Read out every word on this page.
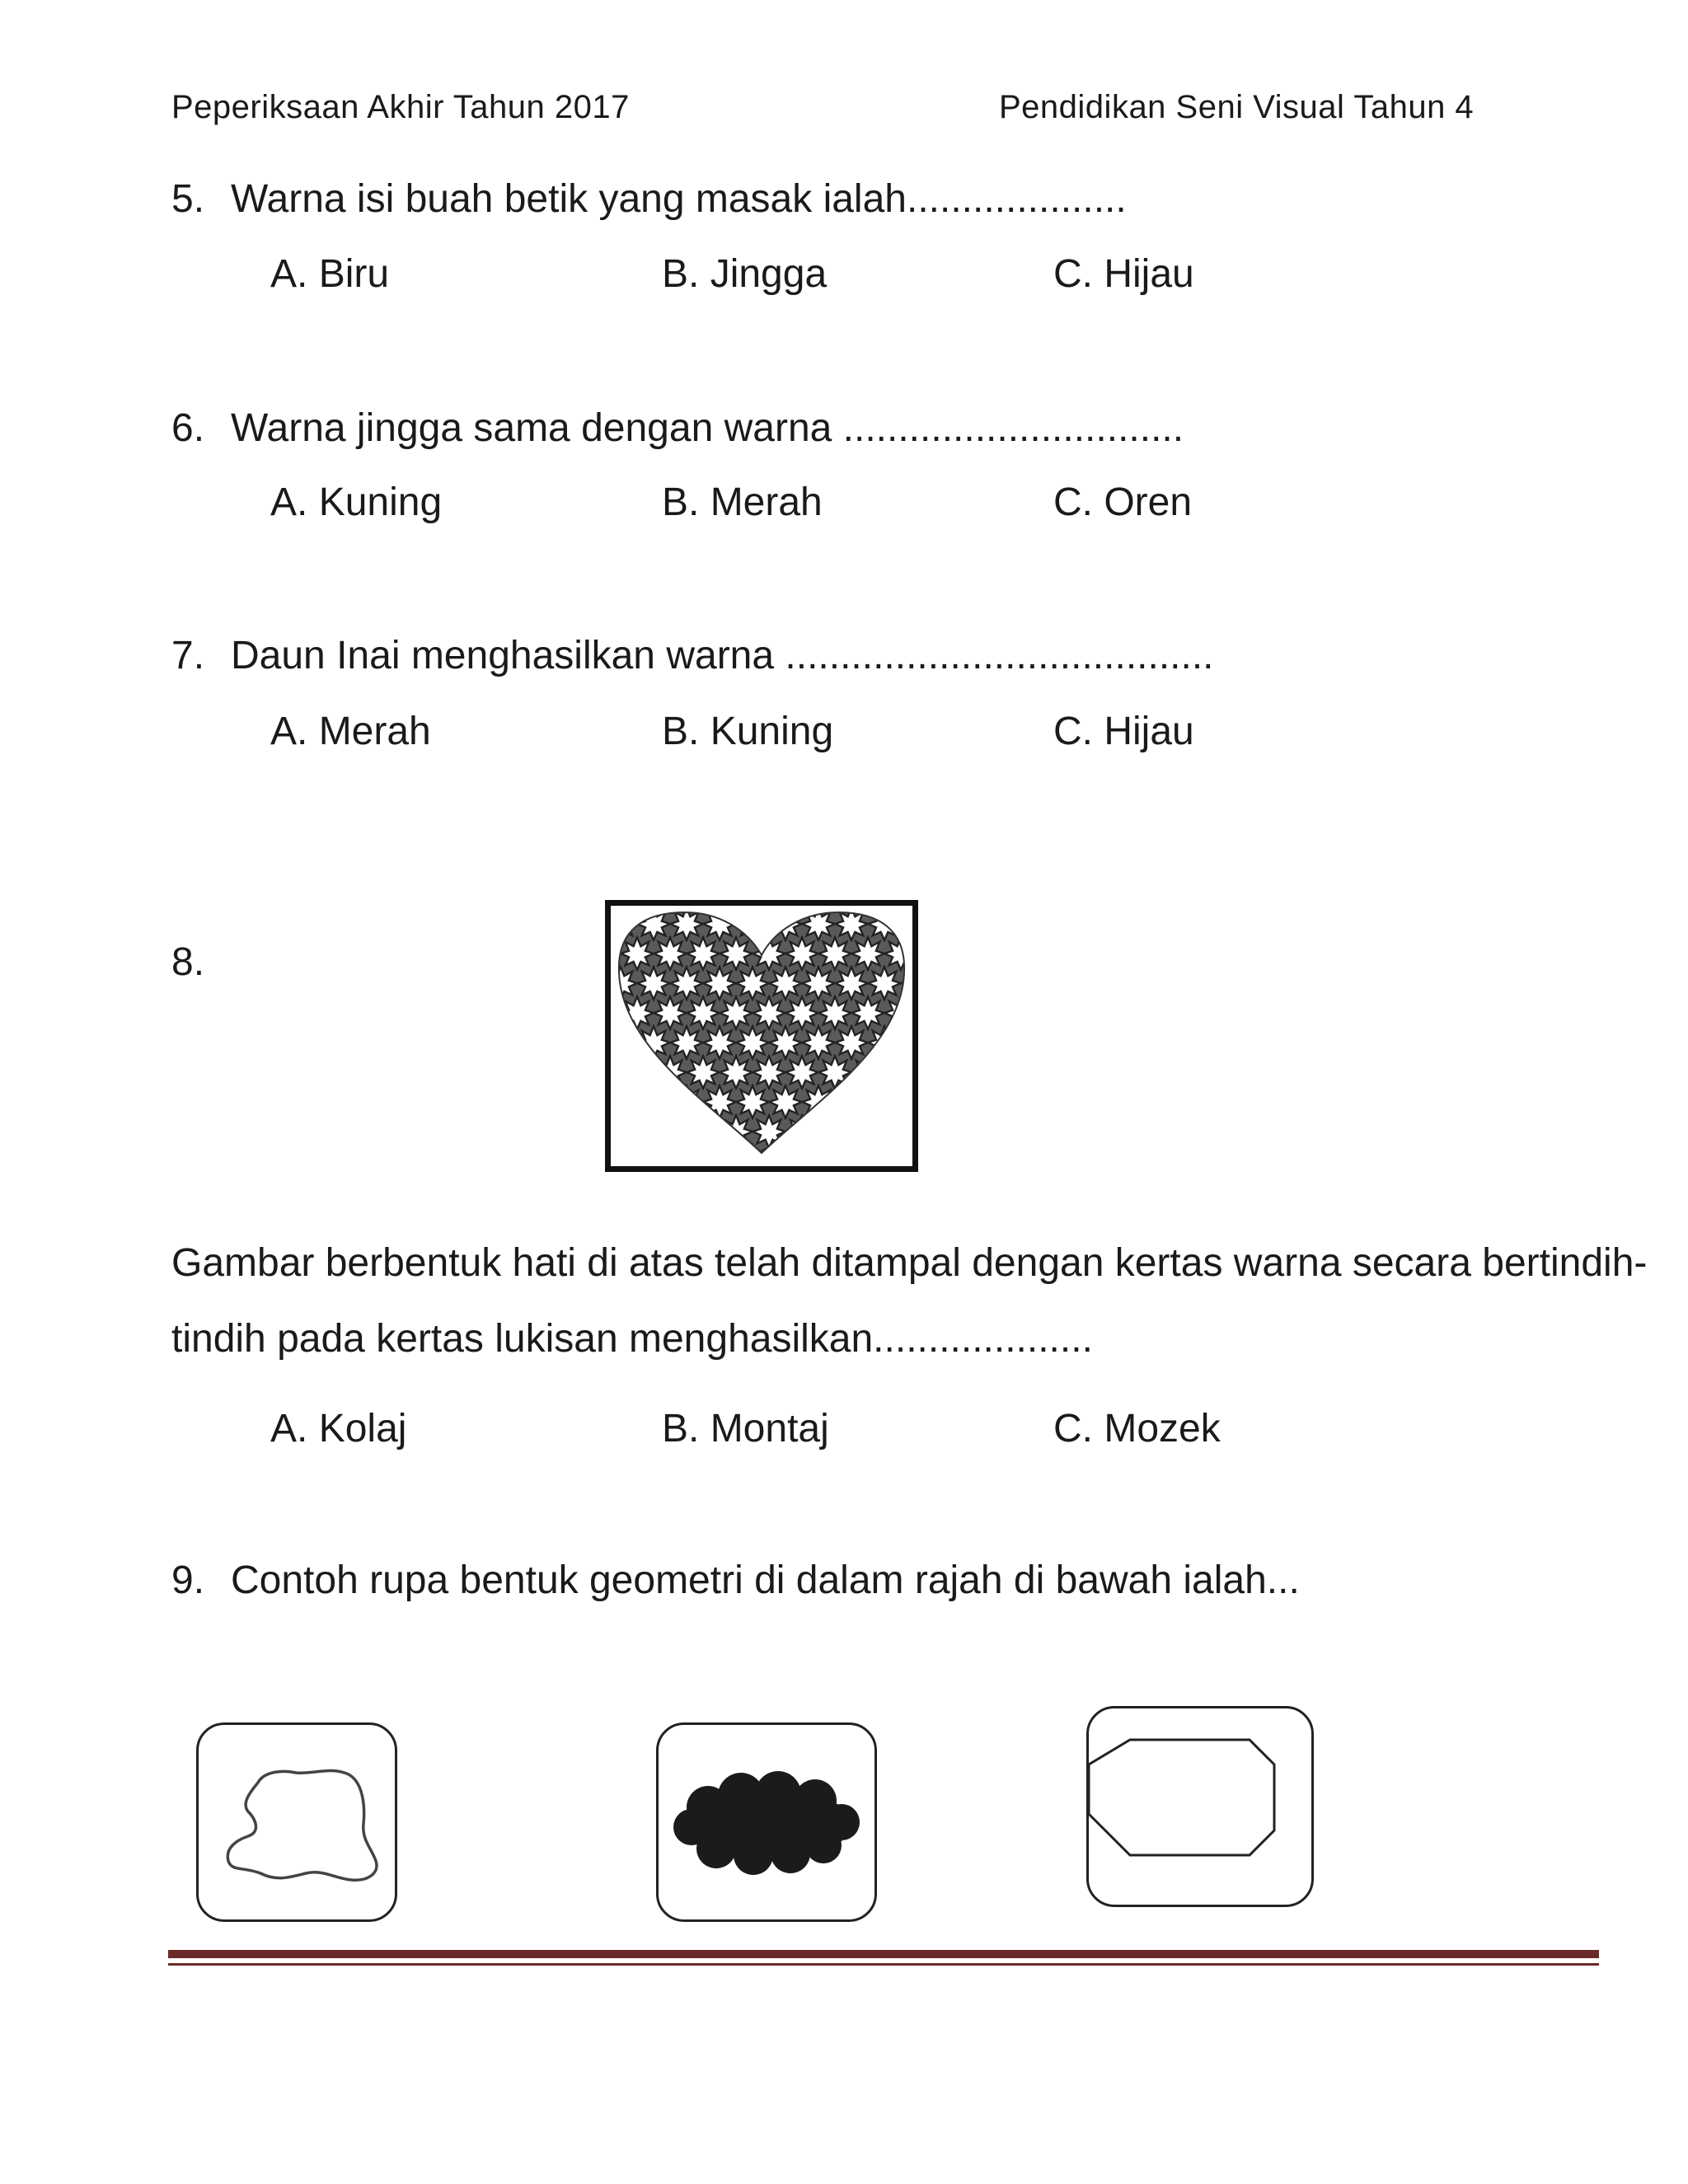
Peperiksaan Akhir Tahun 2017	Pendidikan Seni Visual Tahun 4
5. Warna isi buah betik yang masak ialah....................
A. Biru	B. Jingga	C. Hijau
6. Warna jingga sama dengan warna ...............................
A. Kuning	B. Merah	C. Oren
7. Daun Inai menghasilkan warna .......................................
A. Merah	B. Kuning	C. Hijau
8.
Gambar berbentuk hati di atas telah ditampal dengan kertas warna secara bertindih-
tindih pada kertas lukisan menghasilkan....................
A. Kolaj	B. Montaj	C. Mozek
9. Contoh rupa bentuk geometri di dalam rajah di bawah ialah...
